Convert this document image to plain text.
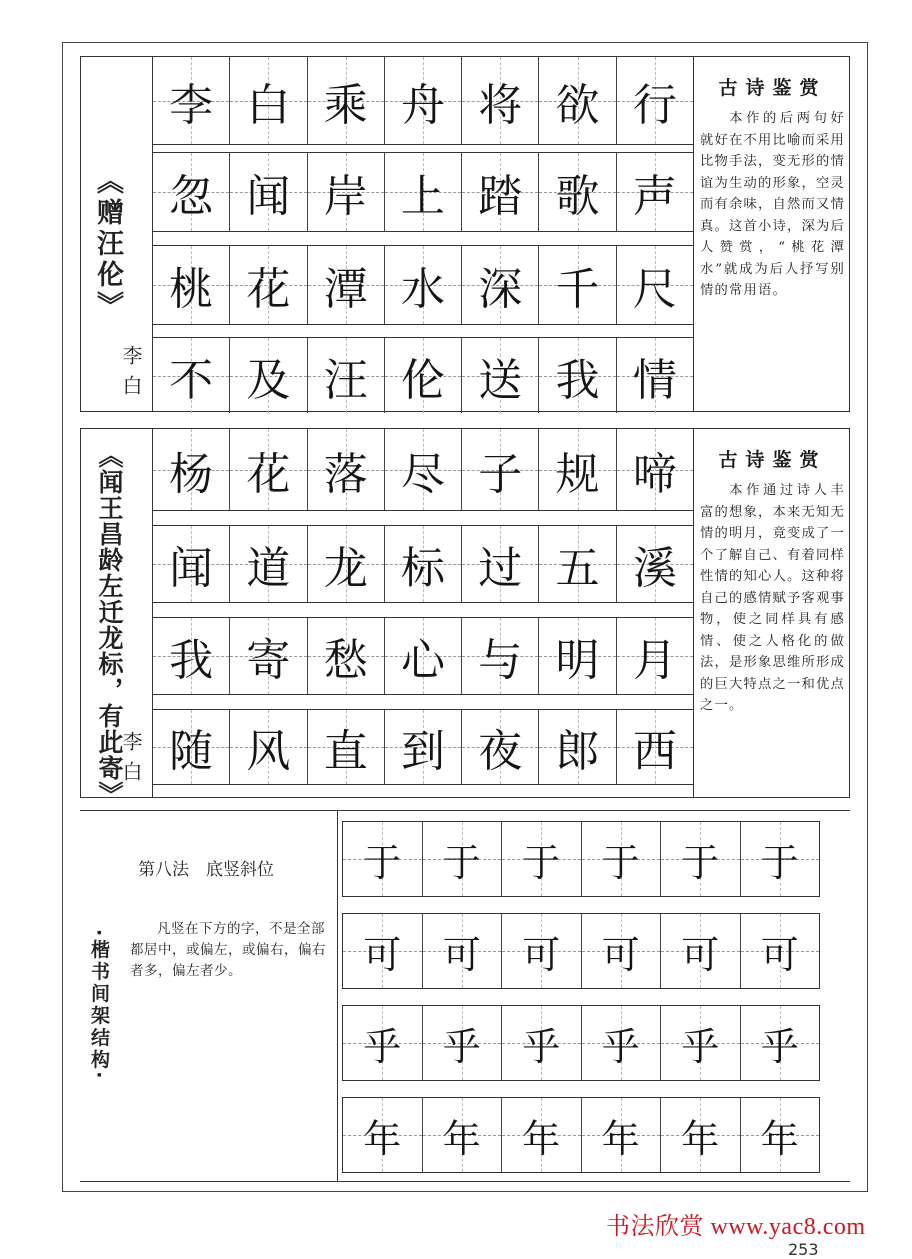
《赠汪伦》
李白
李 白 乘 舟 将 欲 行
忽 闻 岸 上 踏 歌 声
桃 花 潭 水 深 千 尺
不 及 汪 伦 送 我 情
古诗鉴赏
本作的后两句好就好在不用比喻而采用比物手法，变无形的情谊为生动的形象，空灵而有余味，自然而又情真。这首小诗，深为后人赞赏，“桃花潭水”就成为后人抒写别情的常用语。
《闻王昌龄左迁龙标，有此寄》
李白
杨 花 落 尽 子 规 啼
闻 道 龙 标 过 五 溪
我 寄 愁 心 与 明 月
随 风 直 到 夜 郎 西
古诗鉴赏
本作通过诗人丰富的想象，本来无知无情的明月，竟变成了一个了解自己、有着同样性情的知心人。这种将自己的感情赋予客观事物，使之同样具有感情、使之人格化的做法，是形象思维所形成的巨大特点之一和优点之一。
·楷书间架结构·
第八法　底竖斜位
凡竖在下方的字，不是全部都居中，或偏左，或偏右，偏右者多，偏左者少。
于 于 于 于 于 于
可 可 可 可 可 可
乎 乎 乎 乎 乎 乎
年 年 年 年 年 年
书法欣赏 www.yac8.com
253
